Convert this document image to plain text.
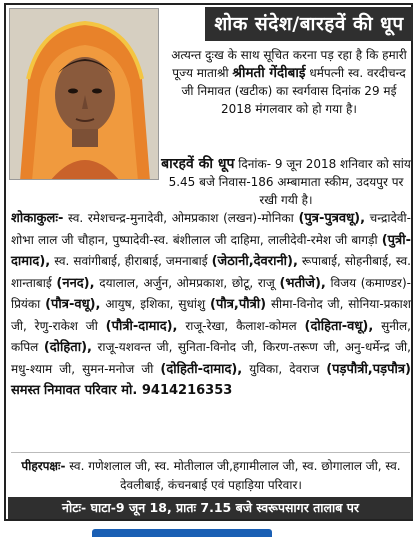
शोक संदेश/बारहवें की धूप
अत्यन्त दुःख के साथ सूचित करना पड़ रहा है कि हमारी पूज्य माताश्री श्रीमती गेंदीबाई धर्मपत्नी स्व. वरदीचन्द जी निमावत (खटीक) का स्वर्गवास दिनांक 29 मई 2018 मंगलवार को हो गया है।
बारहवें की धूप दिनांक- 9 जून 2018 शनिवार को सांय 5.45 बजे निवास-186 अम्बामाता स्कीम, उदयपुर पर रखी गयी है।
शोकाकुलः- स्व. रमेशचन्द्र-मुनादेवी, ओमप्रकाश (लखन)-मोनिका (पुत्र-पुत्रवधू), चन्द्रादेवी-शोभा लाल जी चौहान, पुष्पादेवी-स्व. बंशीलाल जी दाहिमा, लालीदेवी-रमेश जी बागड़ी (पुत्री-दामाद), स्व. सवांगीबाई, हीराबाई, जमनाबाई (जेठानी,देवरानी), रूपाबाई, सोहनीबाई, स्व. शान्ताबाई (ननद), दयालाल, अर्जुन, ओमप्रकाश, छोटू, राजू (भतीजे), विजय (कमाण्डर)-प्रियंका (पौत्र-वधू), आयुष, इशिका, सुधांशु (पौत्र,पौत्री) सीमा-विनोद जी, सोनिया-प्रकाश जी, रेणु-राकेश जी (पौत्री-दामाद), राजू-रेखा, कैलाश-कोमल (दोहिता-वधू), सुनील, कपिल (दोहिता), राजू-यशवन्त जी, सुनिता-विनोद जी, किरण-तरूण जी, अनु-धर्मेन्द्र जी, मधु-श्याम जी, सुमन-मनोज जी (दोहिती-दामाद), युविका, देवराज (पड़पौत्री,पड़पौत्र) समस्त निमावत परिवार मो. 9414216353
पीहरपक्षः- स्व. गणेशलाल जी, स्व. मोतीलाल जी,हगामीलाल जी, स्व. छोगालाल जी, स्व. देवलीबाई, कंचनबाई एवं पहाड़िया परिवार।
नोटः- घाटा-9 जून 18, प्रातः 7.15 बजे स्वरूपसागर तालाब पर
